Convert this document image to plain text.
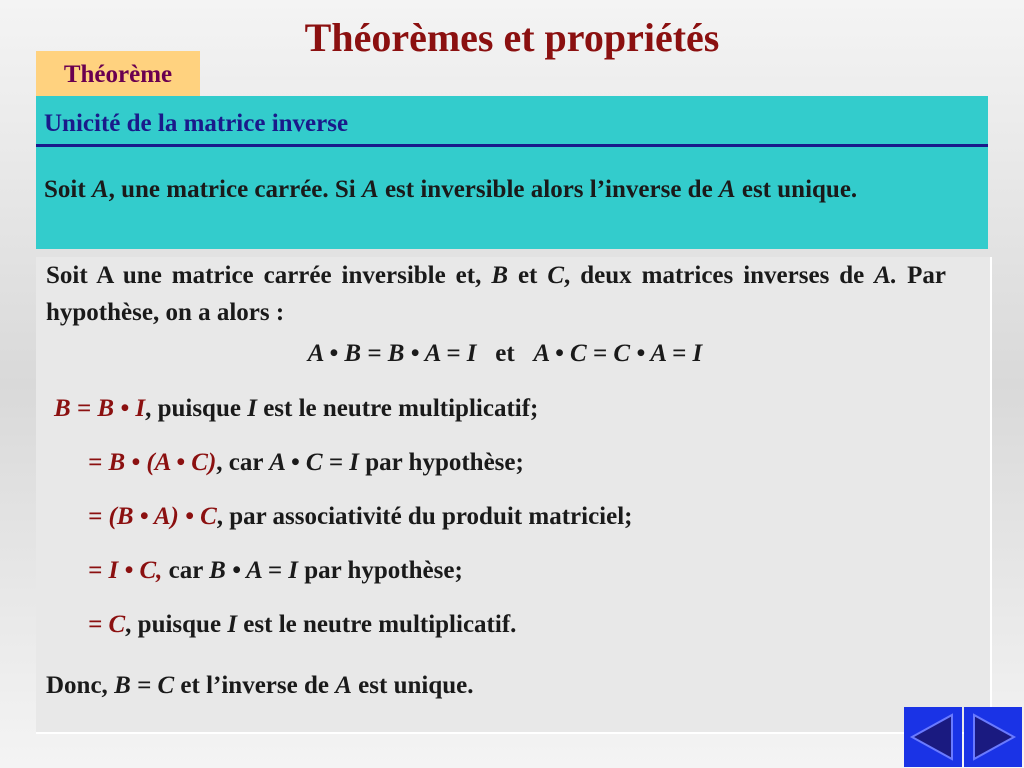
Théorèmes et propriétés
Théorème
Unicité de la matrice inverse
Soit A, une matrice carrée. Si A est inversible alors l’inverse de A est unique.
Soit A une matrice carrée inversible et, B et C, deux matrices inverses de A. Par hypothèse, on a alors :
A • B = B • A = I et A • C = C • A = I
B = B • I, puisque I est le neutre multiplicatif;
= B • (A • C), car A • C = I par hypothèse;
= (B • A) • C, par associativité du produit matriciel;
= I • C, car B • A = I par hypothèse;
= C, puisque I est le neutre multiplicatif.
Donc, B = C et l’inverse de A est unique.
